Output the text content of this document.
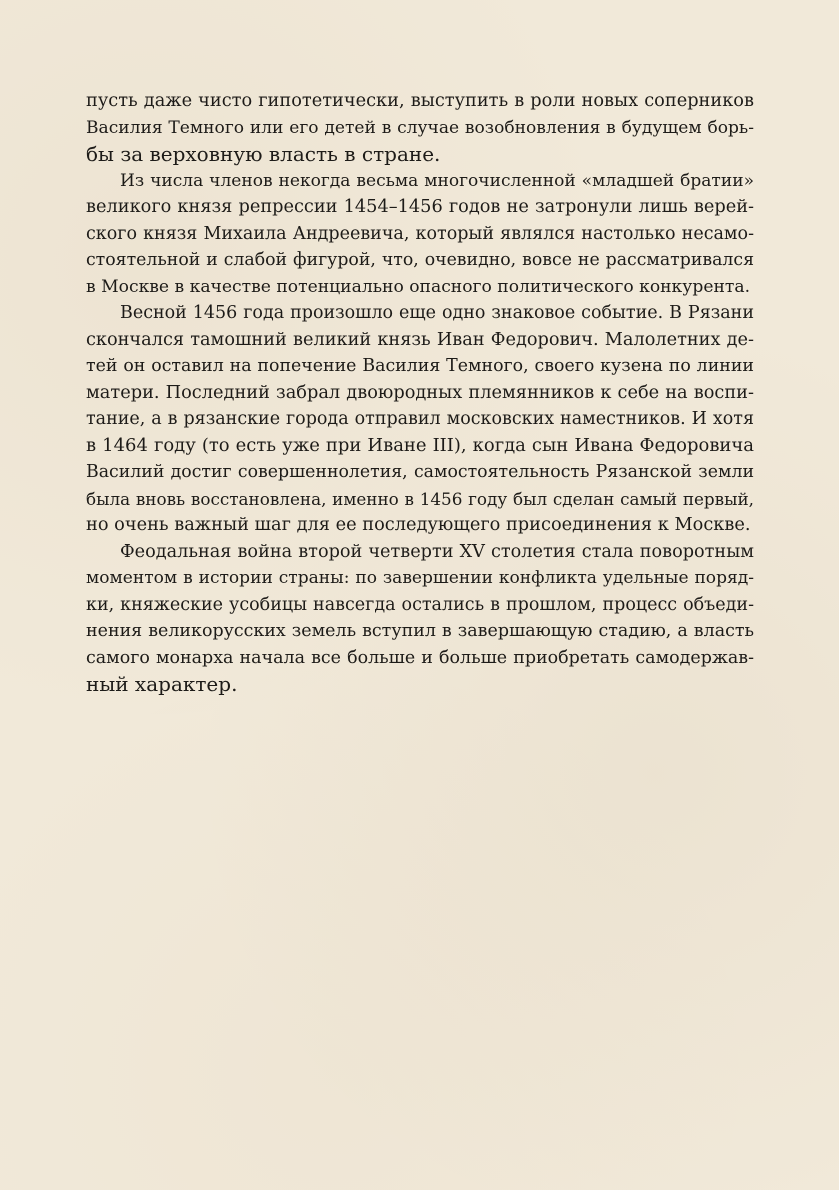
пусть даже чисто гипотетически, выступить в роли новых соперников
Василия Темного или его детей в случае возобновления в будущем борь-
бы за верховную власть в стране.
Из числа членов некогда весьма многочисленной «младшей братии»
великого князя репрессии 1454–1456 годов не затронули лишь верей-
ского князя Михаила Андреевича, который являлся настолько несамо-
стоятельной и слабой фигурой, что, очевидно, вовсе не рассматривался
в Москве в качестве потенциально опасного политического конкурента.
Весной 1456 года произошло еще одно знаковое событие. В Рязани
скончался тамошний великий князь Иван Федорович. Малолетних де-
тей он оставил на попечение Василия Темного, своего кузена по линии
матери. Последний забрал двоюродных племянников к себе на воспи-
тание, а в рязанские города отправил московских наместников. И хотя
в 1464 году (то есть уже при Иване III), когда сын Ивана Федоровича
Василий достиг совершеннолетия, самостоятельность Рязанской земли
была вновь восстановлена, именно в 1456 году был сделан самый первый,
но очень важный шаг для ее последующего присоединения к Москве.
Феодальная война второй четверти XV столетия стала поворотным
моментом в истории страны: по завершении конфликта удельные поряд-
ки, княжеские усобицы навсегда остались в прошлом, процесс объеди-
нения великорусских земель вступил в завершающую стадию, а власть
самого монарха начала все больше и больше приобретать самодержав-
ный характер.
